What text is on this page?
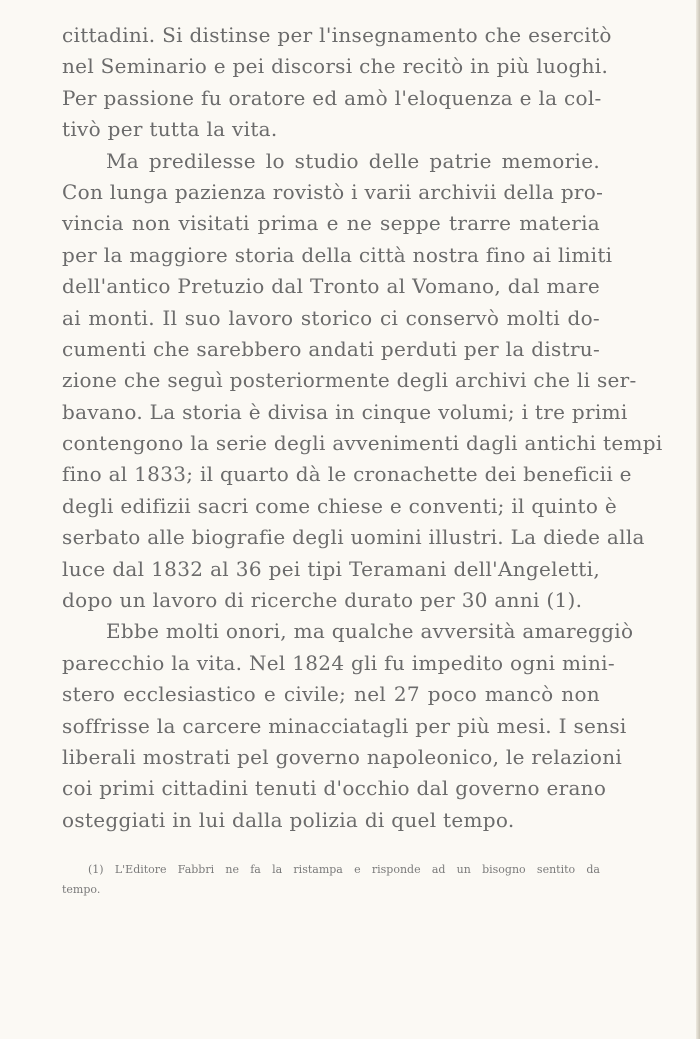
cittadini. Si distinse per l'insegnamento che esercitò
nel Seminario e pei discorsi che recitò in più luoghi.
Per passione fu oratore ed amò l'eloquenza e la col-
tivò per tutta la vita.
Ma predilesse lo studio delle patrie memorie.
Con lunga pazienza rovistò i varii archivii della pro-
vincia non visitati prima e ne seppe trarre materia
per la maggiore storia della città nostra fino ai limiti
dell'antico Pretuzio dal Tronto al Vomano, dal mare
ai monti. Il suo lavoro storico ci conservò molti do-
cumenti che sarebbero andati perduti per la distru-
zione che seguì posteriormente degli archivi che li ser-
bavano. La storia è divisa in cinque volumi; i tre primi
contengono la serie degli avvenimenti dagli antichi tempi
fino al 1833; il quarto dà le cronachette dei beneficii e
degli edifizii sacri come chiese e conventi; il quinto è
serbato alle biografie degli uomini illustri. La diede alla
luce dal 1832 al 36 pei tipi Teramani dell'Angeletti,
dopo un lavoro di ricerche durato per 30 anni (1).
Ebbe molti onori, ma qualche avversità amareggiò
parecchio la vita. Nel 1824 gli fu impedito ogni mini-
stero ecclesiastico e civile; nel 27 poco mancò non
soffrisse la carcere minacciatagli per più mesi. I sensi
liberali mostrati pel governo napoleonico, le relazioni
coi primi cittadini tenuti d'occhio dal governo erano
osteggiati in lui dalla polizia di quel tempo.
(1) L'Editore Fabbri ne fa la ristampa e risponde ad un bisogno sentito da
tempo.
